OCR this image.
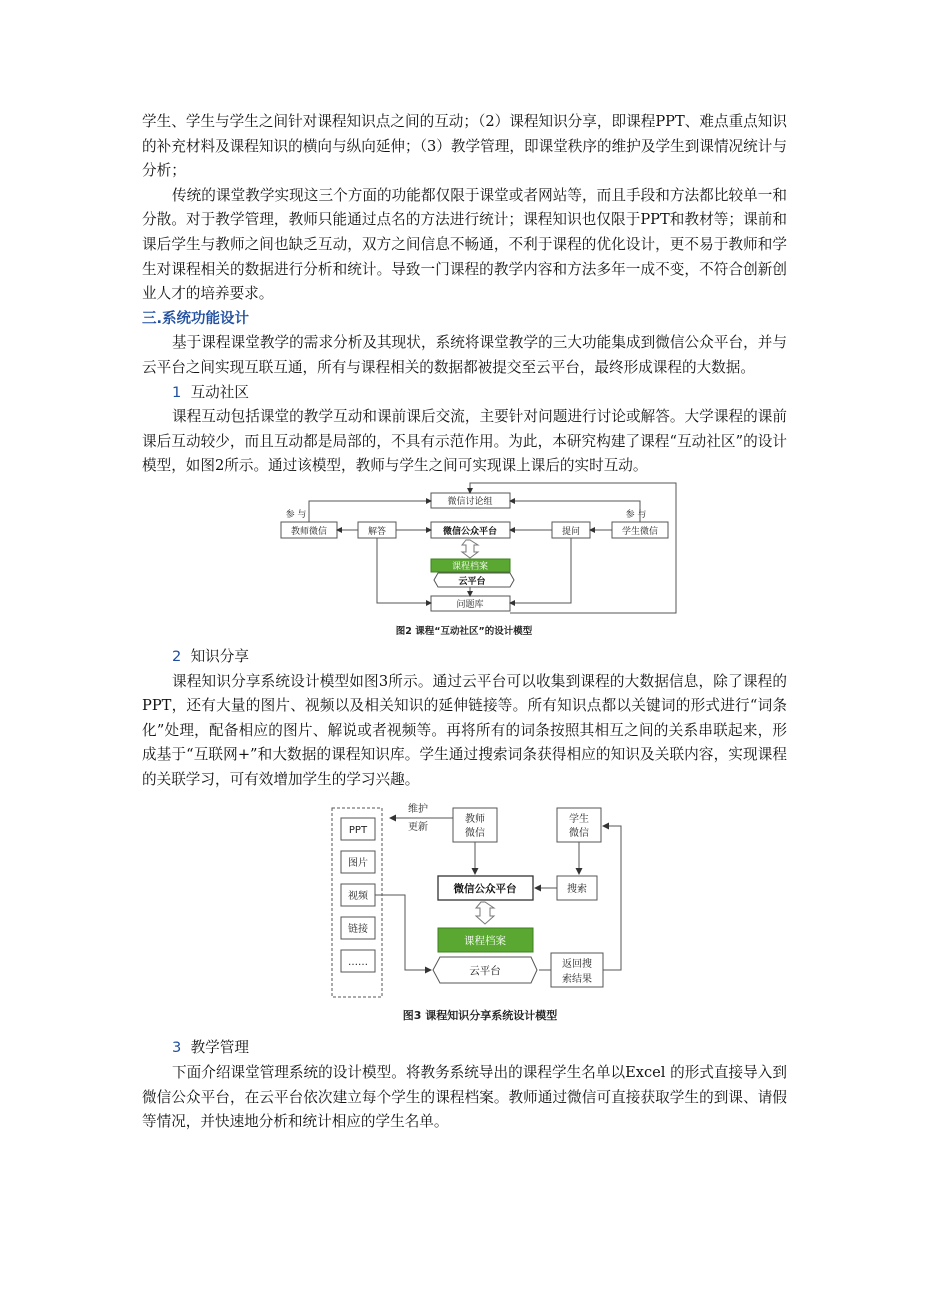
学生、学生与学生之间针对课程知识点之间的互动；（2）课程知识分享，即课程PPT、难点重点知识的补充材料及课程知识的横向与纵向延伸；（3）教学管理，即课堂秩序的维护及学生到课情况统计与分析；

传统的课堂教学实现这三个方面的功能都仅限于课堂或者网站等，而且手段和方法都比较单一和分散。对于教学管理，教师只能通过点名的方法进行统计；课程知识也仅限于PPT和教材等；课前和课后学生与教师之间也缺乏互动，双方之间信息不畅通，不利于课程的优化设计，更不易于教师和学生对课程相关的数据进行分析和统计。导致一门课程的教学内容和方法多年一成不变，不符合创新创业人才的培养要求。

三.系统功能设计

基于课程课堂教学的需求分析及其现状，系统将课堂教学的三大功能集成到微信公众平台，并与云平台之间实现互联互通，所有与课程相关的数据都被提交至云平台，最终形成课程的大数据。

1 互动社区

课程互动包括课堂的教学互动和课前课后交流，主要针对问题进行讨论或解答。大学课程的课前课后互动较少，而且互动都是局部的，不具有示范作用。为此，本研究构建了课程“互动社区”的设计模型，如图2所示。通过该模型，教师与学生之间可实现课上课后的实时互动。

微信讨论组
参 与	参 与
教师微信	解答	微信公众平台	提问	学生微信
课程档案
云平台
问题库
图2 课程“互动社区”的设计模型

2 知识分享

课程知识分享系统设计模型如图3所示。通过云平台可以收集到课程的大数据信息，除了课程的PPT，还有大量的图片、视频以及相关知识的延伸链接等。所有知识点都以关键词的形式进行“词条化”处理，配备相应的图片、解说或者视频等。再将所有的词条按照其相互之间的关系串联起来，形成基于“互联网+”和大数据的课程知识库。学生通过搜索词条获得相应的知识及关联内容，实现课程的关联学习，可有效增加学生的学习兴趣。

PPT
图片
视频
链接
……
维护
更新
教师
微信
学生
微信
微信公众平台	搜索
课程档案
云平台
返回搜
索结果
图3 课程知识分享系统设计模型

3 教学管理

下面介绍课堂管理系统的设计模型。将教务系统导出的课程学生名单以Excel 的形式直接导入到微信公众平台，在云平台依次建立每个学生的课程档案。教师通过微信可直接获取学生的到课、请假等情况，并快速地分析和统计相应的学生名单。
